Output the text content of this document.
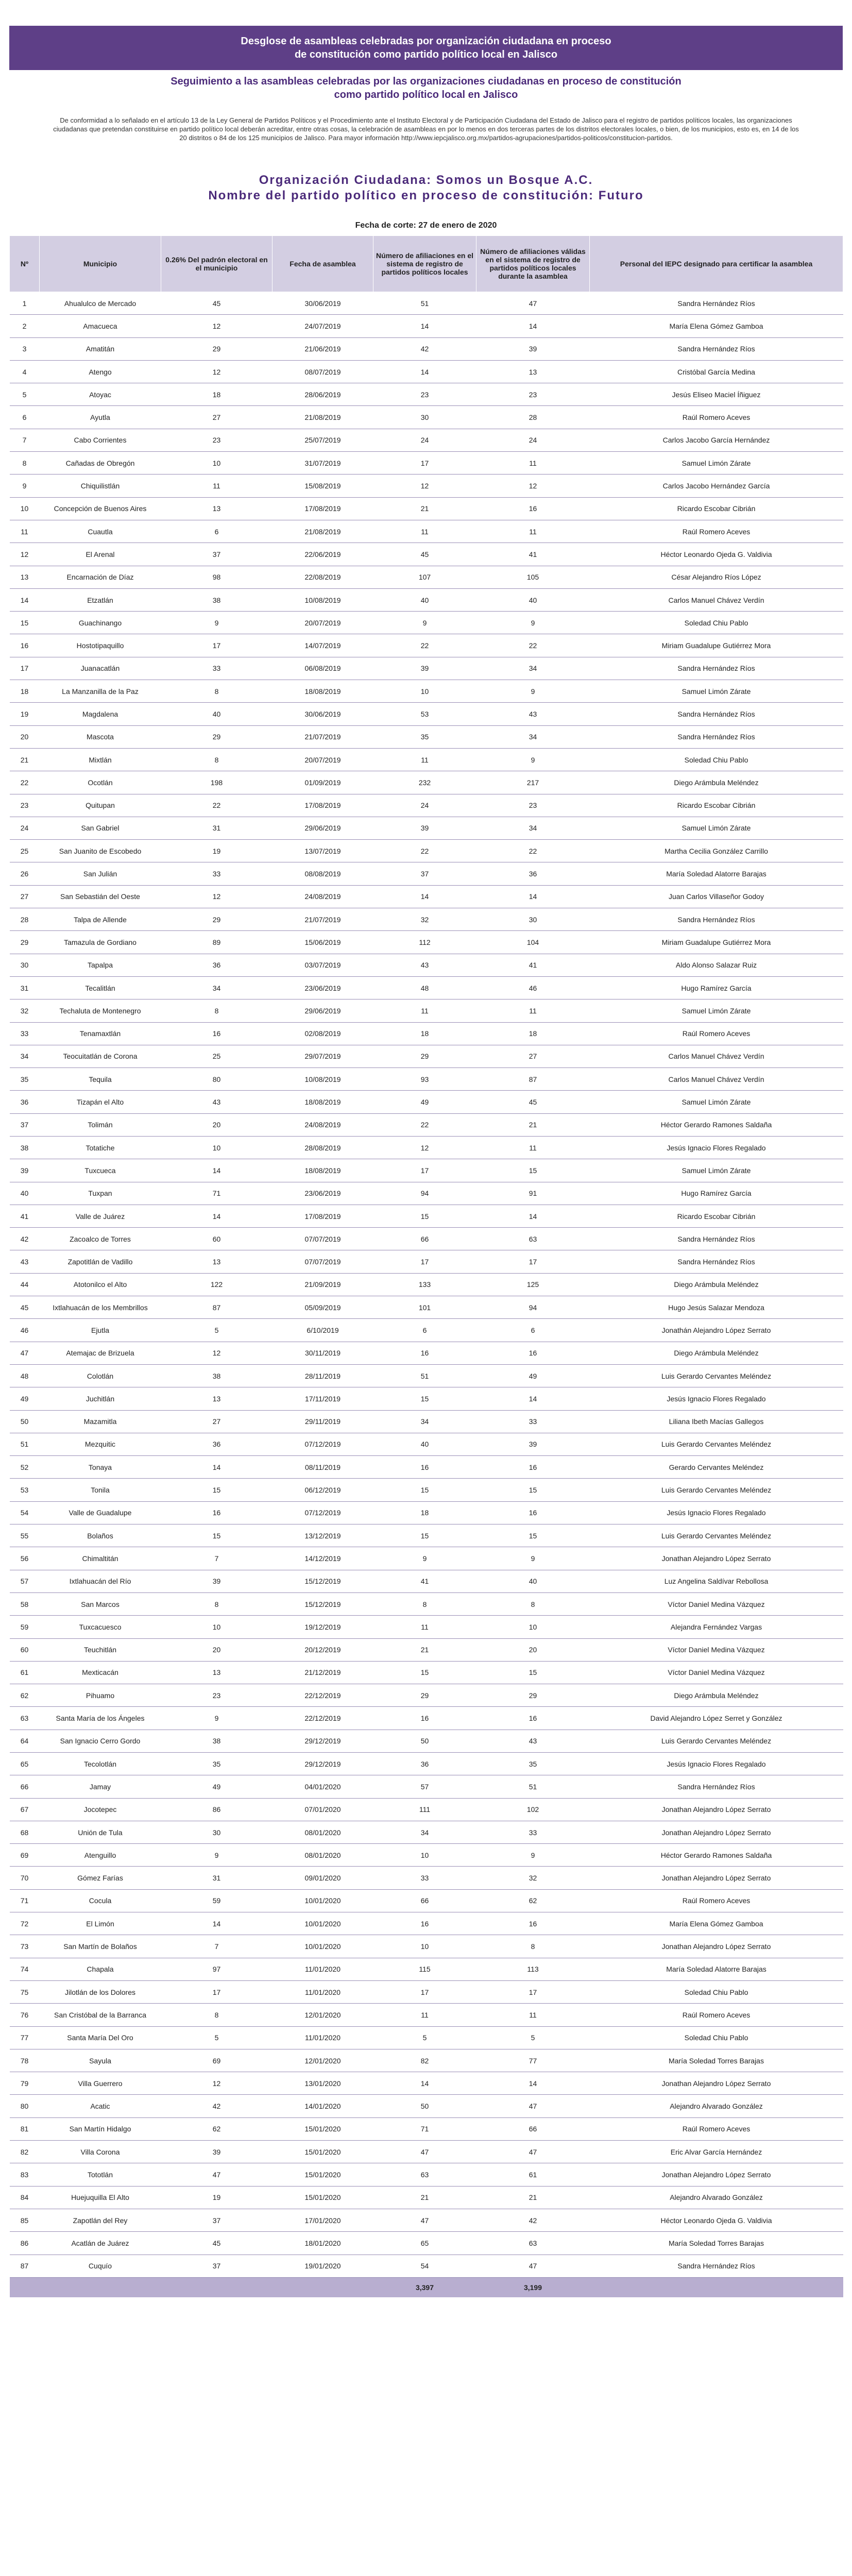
Desglose de asambleas celebradas por organización ciudadana en proceso
de constitución como partido político local en Jalisco
Seguimiento a las asambleas celebradas por las organizaciones ciudadanas en proceso de constitución
como partido político local en Jalisco
De conformidad a lo señalado en el artículo 13 de la Ley General de Partidos Políticos y el Procedimiento ante el Instituto Electoral y de Participación Ciudadana del Estado de Jalisco para el registro de partidos políticos locales, las organizaciones ciudadanas que pretendan constituirse en partido político local deberán acreditar, entre otras cosas, la celebración de asambleas en por lo menos en dos terceras partes de los distritos electorales locales, o bien, de los municipios, esto es, en 14 de los 20 distritos o 84 de los 125 municipios de Jalisco. Para mayor información http://www.iepcjalisco.org.mx/partidos-agrupaciones/partidos-politicos/constitucion-partidos.
Organización Ciudadana: Somos un Bosque A.C.
Nombre del partido político en proceso de constitución: Futuro
Fecha de corte: 27 de enero de 2020
Nº	Municipio	0.26% Del padrón electoral en el municipio	Fecha de asamblea	Número de afiliaciones en el sistema de registro de partidos políticos locales	Número de afiliaciones válidas en el sistema de registro de partidos políticos locales durante la asamblea	Personal del IEPC designado para certificar la asamblea
1	Ahualulco de Mercado	45	30/06/2019	51	47	Sandra Hernández Ríos
2	Amacueca	12	24/07/2019	14	14	María Elena Gómez Gamboa
3	Amatitán	29	21/06/2019	42	39	Sandra Hernández Ríos
4	Atengo	12	08/07/2019	14	13	Cristóbal García Medina
5	Atoyac	18	28/06/2019	23	23	Jesús Eliseo Maciel Íñiguez
6	Ayutla	27	21/08/2019	30	28	Raúl Romero Aceves
7	Cabo Corrientes	23	25/07/2019	24	24	Carlos Jacobo García Hernández
8	Cañadas de Obregón	10	31/07/2019	17	11	Samuel Limón Zárate
9	Chiquilistlán	11	15/08/2019	12	12	Carlos Jacobo Hernández García
10	Concepción de Buenos Aires	13	17/08/2019	21	16	Ricardo Escobar Cibrián
11	Cuautla	6	21/08/2019	11	11	Raúl Romero Aceves
12	El Arenal	37	22/06/2019	45	41	Héctor Leonardo Ojeda G. Valdivia
13	Encarnación de Díaz	98	22/08/2019	107	105	César Alejandro Ríos López
14	Etzatlán	38	10/08/2019	40	40	Carlos Manuel Chávez Verdín
15	Guachinango	9	20/07/2019	9	9	Soledad Chiu Pablo
16	Hostotipaquillo	17	14/07/2019	22	22	Miriam Guadalupe Gutiérrez Mora
17	Juanacatlán	33	06/08/2019	39	34	Sandra Hernández Ríos
18	La Manzanilla de la Paz	8	18/08/2019	10	9	Samuel Limón Zárate
19	Magdalena	40	30/06/2019	53	43	Sandra Hernández Ríos
20	Mascota	29	21/07/2019	35	34	Sandra Hernández Ríos
21	Mixtlán	8	20/07/2019	11	9	Soledad Chiu Pablo
22	Ocotlán	198	01/09/2019	232	217	Diego Arámbula Meléndez
23	Quitupan	22	17/08/2019	24	23	Ricardo Escobar Cibrián
24	San Gabriel	31	29/06/2019	39	34	Samuel Limón Zárate
25	San Juanito de Escobedo	19	13/07/2019	22	22	Martha Cecilia González Carrillo
26	San Julián	33	08/08/2019	37	36	María Soledad Alatorre Barajas
27	San Sebastián del Oeste	12	24/08/2019	14	14	Juan Carlos Villaseñor Godoy
28	Talpa de Allende	29	21/07/2019	32	30	Sandra Hernández Ríos
29	Tamazula de Gordiano	89	15/06/2019	112	104	Miriam Guadalupe Gutiérrez Mora
30	Tapalpa	36	03/07/2019	43	41	Aldo Alonso Salazar Ruiz
31	Tecalitlán	34	23/06/2019	48	46	Hugo Ramírez García
32	Techaluta de Montenegro	8	29/06/2019	11	11	Samuel Limón Zárate
33	Tenamaxtlán	16	02/08/2019	18	18	Raúl Romero Aceves
34	Teocuitatlán de Corona	25	29/07/2019	29	27	Carlos Manuel Chávez Verdín
35	Tequila	80	10/08/2019	93	87	Carlos Manuel Chávez Verdín
36	Tizapán el Alto	43	18/08/2019	49	45	Samuel Limón Zárate
37	Tolimán	20	24/08/2019	22	21	Héctor Gerardo Ramones Saldaña
38	Totatiche	10	28/08/2019	12	11	Jesús Ignacio Flores Regalado
39	Tuxcueca	14	18/08/2019	17	15	Samuel Limón Zárate
40	Tuxpan	71	23/06/2019	94	91	Hugo Ramírez García
41	Valle de Juárez	14	17/08/2019	15	14	Ricardo Escobar Cibrián
42	Zacoalco de Torres	60	07/07/2019	66	63	Sandra Hernández Ríos
43	Zapotitlán de Vadillo	13	07/07/2019	17	17	Sandra Hernández Ríos
44	Atotonilco el Alto	122	21/09/2019	133	125	Diego Arámbula Meléndez
45	Ixtlahuacán de los Membrillos	87	05/09/2019	101	94	Hugo Jesús Salazar Mendoza
46	Ejutla	5	6/10/2019	6	6	Jonathán Alejandro López Serrato
47	Atemajac de Brizuela	12	30/11/2019	16	16	Diego Arámbula Meléndez
48	Colotlán	38	28/11/2019	51	49	Luis Gerardo Cervantes Meléndez
49	Juchitlán	13	17/11/2019	15	14	Jesús Ignacio Flores Regalado
50	Mazamitla	27	29/11/2019	34	33	Liliana Ibeth Macías Gallegos
51	Mezquitic	36	07/12/2019	40	39	Luis Gerardo Cervantes Meléndez
52	Tonaya	14	08/11/2019	16	16	Gerardo Cervantes Meléndez
53	Tonila	15	06/12/2019	15	15	Luis Gerardo Cervantes Meléndez
54	Valle de Guadalupe	16	07/12/2019	18	16	Jesús Ignacio Flores Regalado
55	Bolaños	15	13/12/2019	15	15	Luis Gerardo Cervantes Meléndez
56	Chimaltitán	7	14/12/2019	9	9	Jonathan Alejandro López Serrato
57	Ixtlahuacán del Río	39	15/12/2019	41	40	Luz Angelina Saldívar Rebollosa
58	San Marcos	8	15/12/2019	8	8	Víctor Daniel Medina Vázquez
59	Tuxcacuesco	10	19/12/2019	11	10	Alejandra Fernández Vargas
60	Teuchitlán	20	20/12/2019	21	20	Víctor Daniel Medina Vázquez
61	Mexticacán	13	21/12/2019	15	15	Víctor Daniel Medina Vázquez
62	Pihuamo	23	22/12/2019	29	29	Diego Arámbula Meléndez
63	Santa María de los Ángeles	9	22/12/2019	16	16	David Alejandro López Serret y González
64	San Ignacio Cerro Gordo	38	29/12/2019	50	43	Luis Gerardo Cervantes Meléndez
65	Tecolotlán	35	29/12/2019	36	35	Jesús Ignacio Flores Regalado
66	Jamay	49	04/01/2020	57	51	Sandra Hernández Ríos
67	Jocotepec	86	07/01/2020	111	102	Jonathan Alejandro López Serrato
68	Unión de Tula	30	08/01/2020	34	33	Jonathan Alejandro López Serrato
69	Atenguillo	9	08/01/2020	10	9	Héctor Gerardo Ramones Saldaña
70	Gómez Farías	31	09/01/2020	33	32	Jonathan Alejandro López Serrato
71	Cocula	59	10/01/2020	66	62	Raúl Romero Aceves
72	El Limón	14	10/01/2020	16	16	María Elena Gómez Gamboa
73	San Martín de Bolaños	7	10/01/2020	10	8	Jonathan Alejandro López Serrato
74	Chapala	97	11/01/2020	115	113	María Soledad Alatorre Barajas
75	Jilotlán de los Dolores	17	11/01/2020	17	17	Soledad Chiu Pablo
76	San Cristóbal de la Barranca	8	12/01/2020	11	11	Raúl Romero Aceves
77	Santa María Del Oro	5	11/01/2020	5	5	Soledad Chiu Pablo
78	Sayula	69	12/01/2020	82	77	María Soledad Torres Barajas
79	Villa Guerrero	12	13/01/2020	14	14	Jonathan Alejandro López Serrato
80	Acatic	42	14/01/2020	50	47	Alejandro Alvarado González
81	San Martín Hidalgo	62	15/01/2020	71	66	Raúl Romero Aceves
82	Villa Corona	39	15/01/2020	47	47	Eric Alvar García Hernández
83	Tototlán	47	15/01/2020	63	61	Jonathan Alejandro López Serrato
84	Huejuquilla El Alto	19	15/01/2020	21	21	Alejandro Alvarado González
85	Zapotlán del Rey	37	17/01/2020	47	42	Héctor Leonardo Ojeda G. Valdivia
86	Acatlán de Juárez	45	18/01/2020	65	63	María Soledad Torres Barajas
87	Cuquío	37	19/01/2020	54	47	Sandra Hernández Ríos
				3,397	3,199	
